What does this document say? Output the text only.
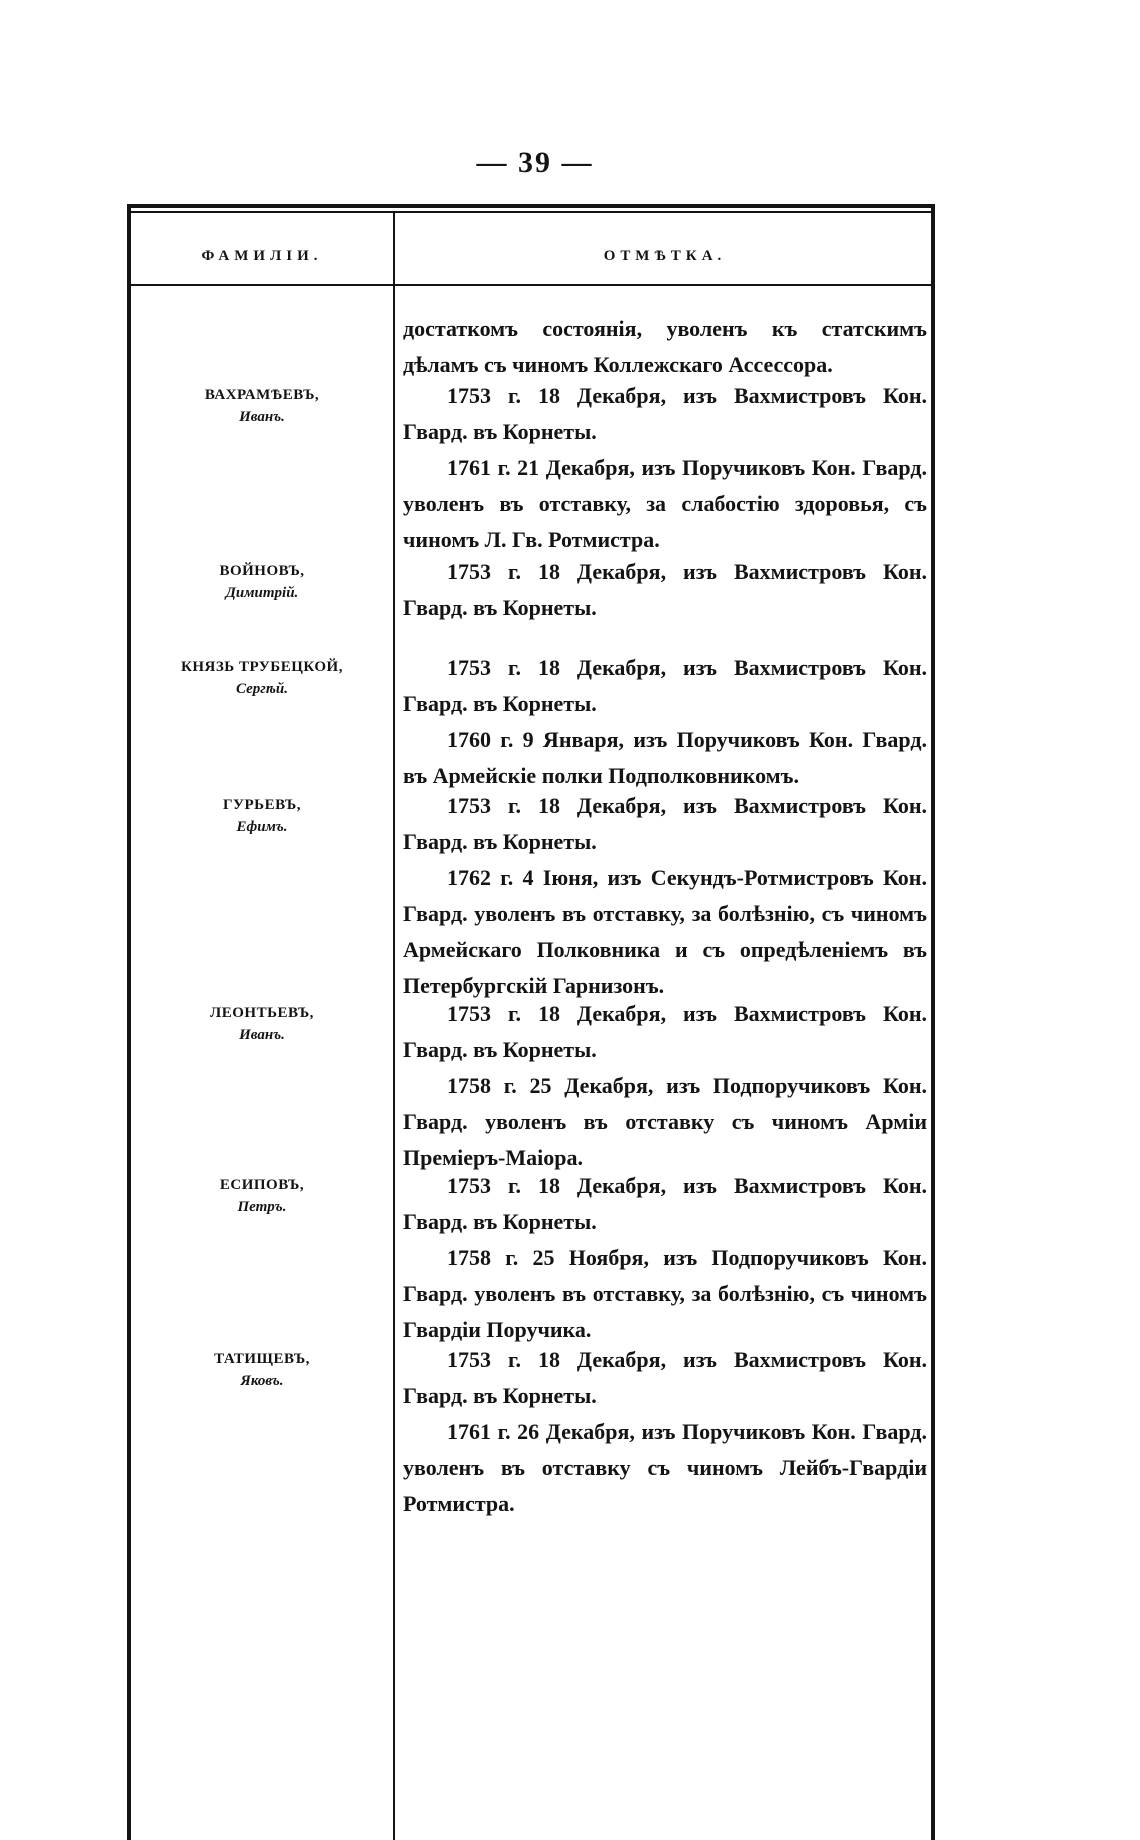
— 39 —
ФАМИЛІИ.	ОТМѢТКА.

достаткомъ состоянія, уволенъ къ статскимъ дѣламъ съ чиномъ Коллежскаго Ассессора.

ВАХРАМѢЕВЪ,
Иванъ.

1753 г. 18 Декабря, изъ Вахмистровъ Кон. Гвард. въ Корнеты.

1761 г. 21 Декабря, изъ Поручиковъ Кон. Гвард. уволенъ въ отставку, за слабостію здоровья, съ чиномъ Л. Гв. Ротмистра.

ВОЙНОВЪ,
Димитрій.

1753 г. 18 Декабря, изъ Вахмистровъ Кон. Гвард. въ Корнеты.

КНЯЗЬ ТРУБЕЦКОЙ,
Сергѣй.

1753 г. 18 Декабря, изъ Вахмистровъ Кон. Гвард. въ Корнеты.

1760 г. 9 Января, изъ Поручиковъ Кон. Гвард. въ Армейскіе полки Подполковникомъ.

ГУРЬЕВЪ,
Ефимъ.

1753 г. 18 Декабря, изъ Вахмистровъ Кон. Гвард. въ Корнеты.

1762 г. 4 Іюня, изъ Секундъ-Ротмистровъ Кон. Гвард. уволенъ въ отставку, за болѣзнію, съ чиномъ Армейскаго Полковника и съ опредѣленіемъ въ Петербургскій Гарнизонъ.

ЛЕОНТЬЕВЪ,
Иванъ.

1753 г. 18 Декабря, изъ Вахмистровъ Кон. Гвард. въ Корнеты.

1758 г. 25 Декабря, изъ Подпоручиковъ Кон. Гвард. уволенъ въ отставку съ чиномъ Арміи Преміеръ-Маіора.

ЕСИПОВЪ,
Петръ.

1753 г. 18 Декабря, изъ Вахмистровъ Кон. Гвард. въ Корнеты.

1758 г. 25 Ноября, изъ Подпоручиковъ Кон. Гвард. уволенъ въ отставку, за болѣзнію, съ чиномъ Гвардіи Поручика.

ТАТИЩЕВЪ,
Яковъ.

1753 г. 18 Декабря, изъ Вахмистровъ Кон. Гвард. въ Корнеты.

1761 г. 26 Декабря, изъ Поручиковъ Кон. Гвард. уволенъ въ отставку съ чиномъ Лейбъ-Гвардіи Ротмистра.
